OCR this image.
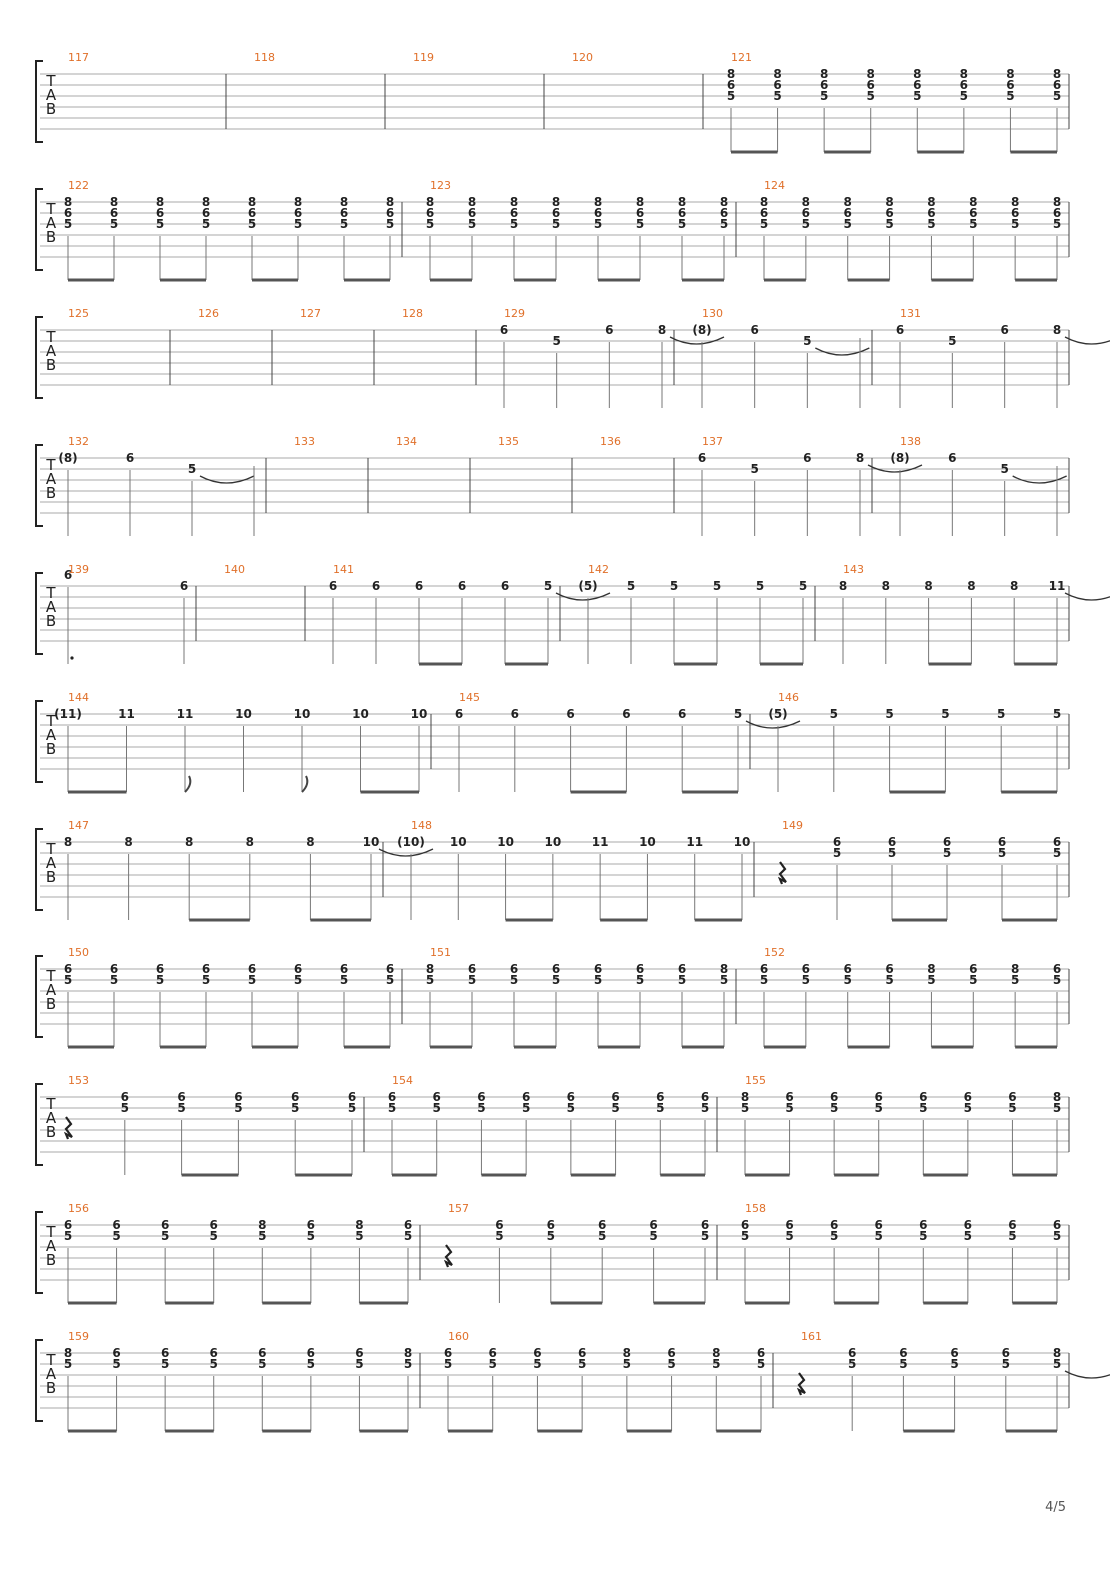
T
A
B
117	118	119	120	121
8
6
5
8
6
5
8
6
5
8
6
5
8
6
5
8
6
5
8
6
5
8
6
5
T
A
B
122
8
6
5
8
6
5
8
6
5
8
6
5
8
6
5
8
6
5
8
6
5
8
6
5
123
8
6
5
8
6
5
8
6
5
8
6
5
8
6
5
8
6
5
8
6
5
8
6
5
124
8
6
5
8
6
5
8
6
5
8
6
5
8
6
5
8
6
5
8
6
5
8
6
5
T
A
B
125	126	127	128	129
6
5
6	8
130
(8)	6
5
131
6
5
6	8
T
A
B
132
(8)	6
5
133	134	135	136	137
6
5
6	8
138
(8)	6
5
T
A
B
139
6
6
140	141
6	6	6	6	6	5
142
(5) 5	5	5	5	5
143
8	8	8	8	8	11
T
A
B
144
(11)	11	11	10	10	10	10
145
6	6	6	6	6	5
146
(5)	5	5	5	5	5
T
A
B
147
8	8	8	8	8	10
148
(10) 10	10	10	11	10	11	10
149
6
5
6
5
6
5
6
5
6
5
T
A
B
150
6
5
6
5
6
5
6
5
6
5
6
5
6
5
6
5
151
8
5
6
5
6
5
6
5
6
5
6
5
6
5
8
5
152
6
5
6
5
6
5
6
5
8
5
6
5
8
5
6
5
T
A
B
153
6
5
6
5
6
5
6
5
6
5
154
6
5
6
5
6
5
6
5
6
5
6
5
6
5
6
5
155
8
5
6
5
6
5
6
5
6
5
6
5
6
5
8
5
T
A
B
156
6
5
6
5
6
5
6
5
8
5
6
5
8
5
6
5
157
6
5
6
5
6
5
6
5
6
5
158
6
5
6
5
6
5
6
5
6
5
6
5
6
5
6
5
T
A
B
159
8
5
6
5
6
5
6
5
6
5
6
5
6
5
8
5
160
6
5
6
5
6
5
6
5
8
5
6
5
8
5
6
5
161
6
5
6
5
6
5
6
5
8
5
4/5
